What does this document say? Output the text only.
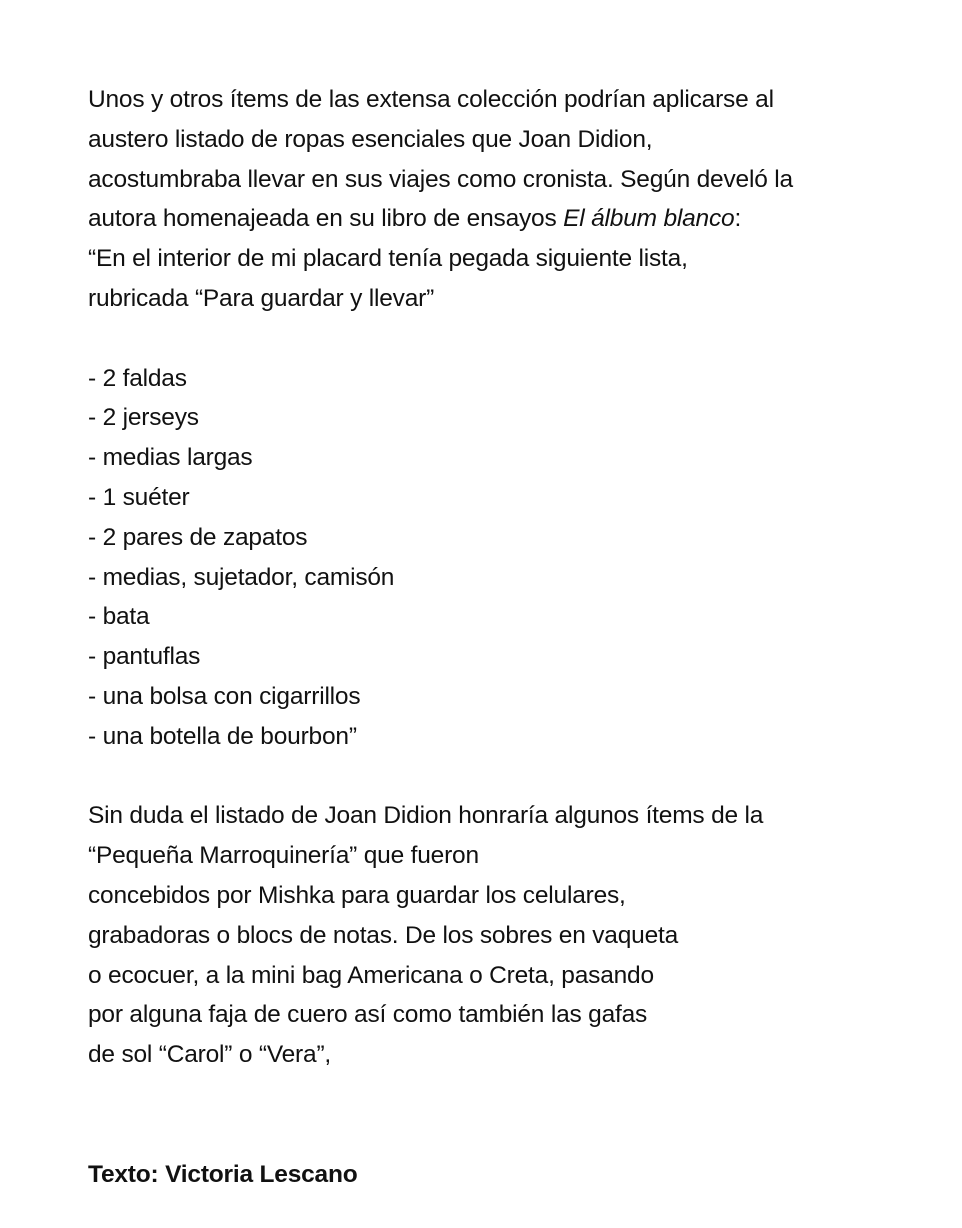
Unos y otros ítems de las extensa colección podrían aplicarse al
austero listado de ropas esenciales que Joan Didion,
acostumbraba llevar en sus viajes como cronista. Según develó la
autora homenajeada en su libro de ensayos El álbum blanco:
“En el interior de mi placard tenía pegada siguiente lista,
rubricada “Para guardar y llevar”
- 2 faldas
- 2 jerseys
- medias largas
- 1 suéter
- 2 pares de zapatos
- medias, sujetador, camisón
- bata
- pantuflas
- una bolsa con cigarrillos
- una botella de bourbon”
Sin duda el listado de Joan Didion honraría algunos ítems de la
“Pequeña Marroquinería” que fueron
concebidos por Mishka para guardar los celulares,
grabadoras o blocs de notas. De los sobres en vaqueta
o ecocuer, a la mini bag Americana o Creta, pasando
por alguna faja de cuero así como también las gafas
de sol “Carol” o “Vera”,
Texto: Victoria Lescano
